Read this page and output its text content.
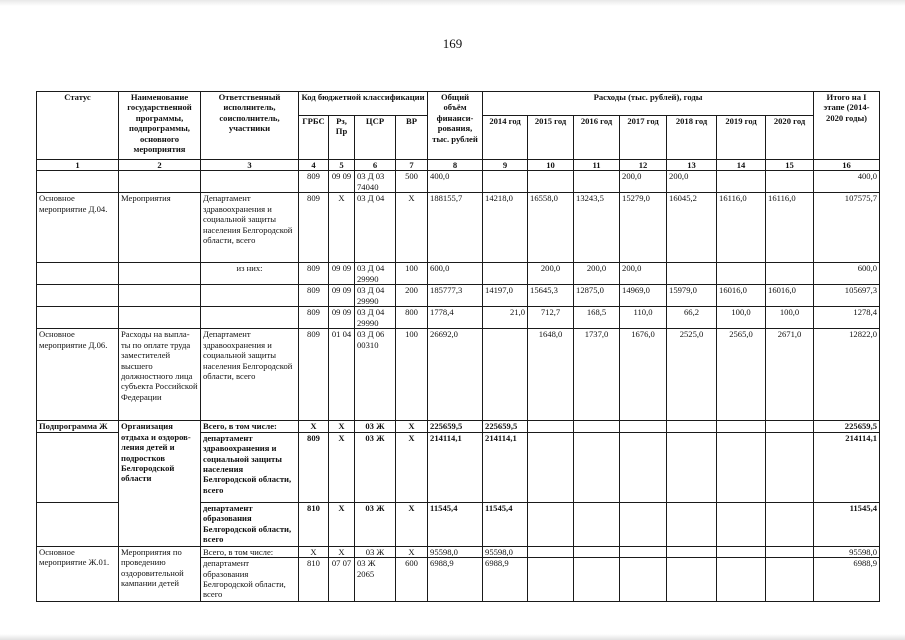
169
Статус	Наименование государственной программы, подпрограммы, основного мероприятия	Ответственный исполнитель, соисполнитель, участники	Код бюджетной классификации				Общий объём финанси-рования, тыс. рублей	Расходы (тыс. рублей), годы							Итого на I этапе (2014-2020 годы)
			ГРБС	Рз, Пр	ЦСР	ВР		2014 год	2015 год	2016 год	2017 год	2018 год	2019 год	2020 год	
1	2	3	4	5	6	7	8	9	10	11	12	13	14	15	16
			809	09 09	03 Д 03 74040	500	400,0				200,0	200,0			400,0
Основное мероприятие Д.04.	Мероприятия	Департамент здравоохранения и социальной защиты населения Белгородской области, всего	809	X	03 Д 04	X	188155,7	14218,0	16558,0	13243,5	15279,0	16045,2	16116,0	16116,0	107575,7
		из них:	809	09 09	03 Д 04 29990	100	600,0		200,0	200,0	200,0				600,0
			809	09 09	03 Д 04 29990	200	185777,3	14197,0	15645,3	12875,0	14969,0	15979,0	16016,0	16016,0	105697,3
			809	09 09	03 Д 04 29990	800	1778,4	21,0	712,7	168,5	110,0	66,2	100,0	100,0	1278,4
Основное мероприятие Д.06.	Расходы на выпла-ты по оплате труда заместителей высшего должностного лица субъекта Российской Федерации	Департамент здравоохранения и социальной защиты населения Белгородской области, всего	809	01 04	03 Д 06 00310	100	26692,0		1648,0	1737,0	1676,0	2525,0	2565,0	2671,0	12822,0
Подпрограмма Ж	Организация отдыха и оздоров-ления детей и подростков Белгородской области	Всего, в том числе:	X	X	03 Ж	X	225659,5	225659,5							225659,5
		департамент здравоохранения и социальной защиты населения Белгородской области, всего	809	X	03 Ж	X	214114,1	214114,1							214114,1
		департамент образования Белгородской области, всего	810	X	03 Ж	X	11545,4	11545,4							11545,4
Основное мероприятие Ж.01.	Мероприятия по проведению оздоровительной кампании детей	Всего, в том числе:	X	X	03 Ж	X	95598,0	95598,0							95598,0
		департамент образования Белгородской области, всего	810	07 07	03 Ж 2065	600	6988,9	6988,9							6988,9
